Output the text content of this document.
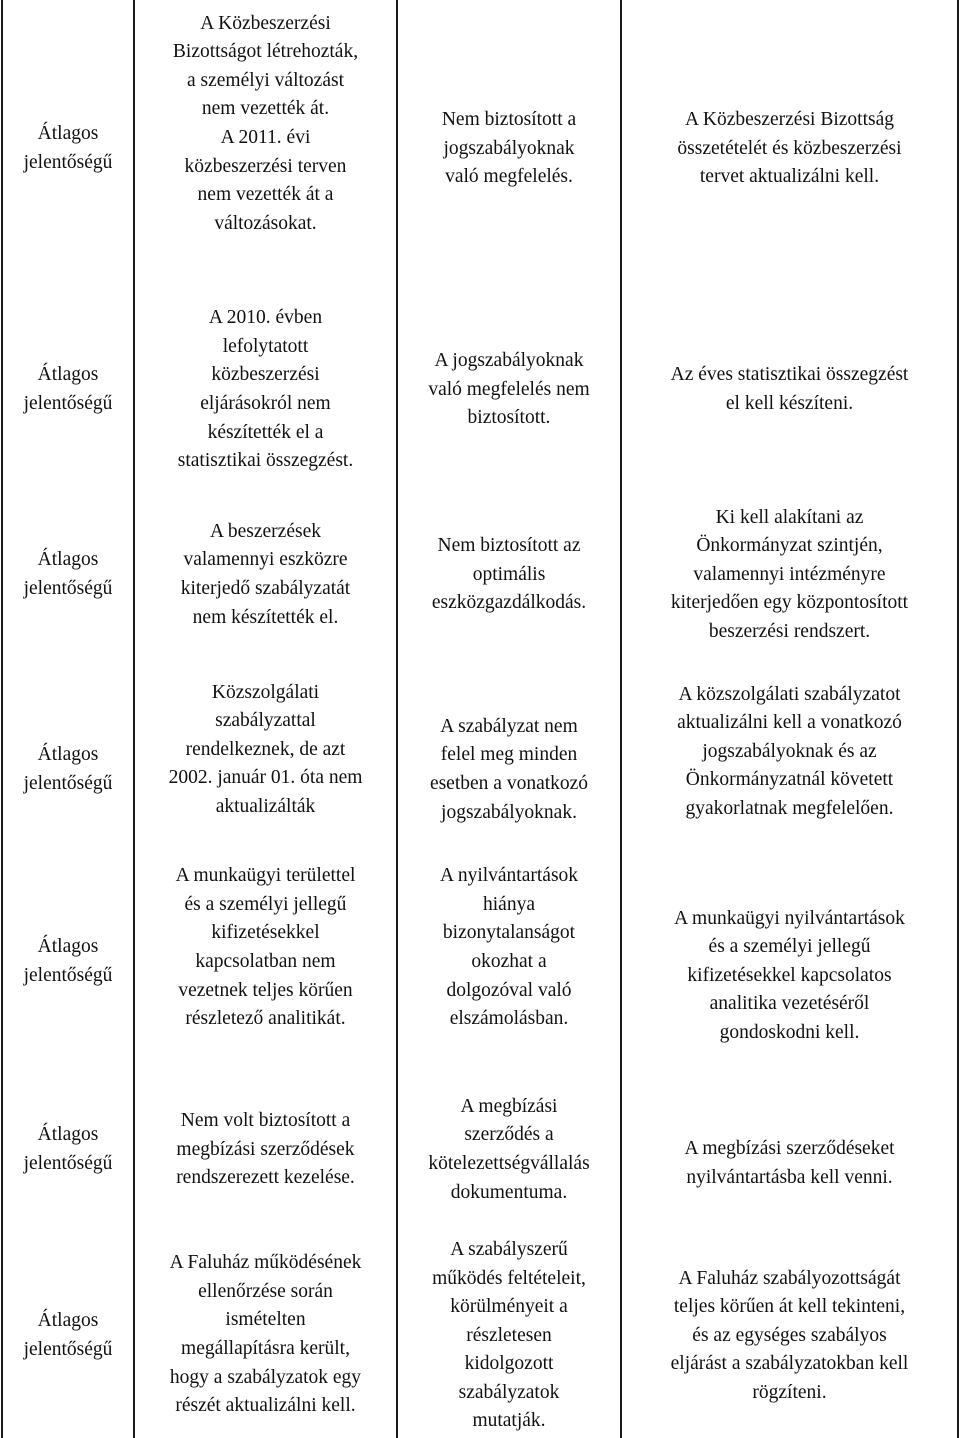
Átlagos
jelentőségű
A Közbeszerzési
Bizottságot létrehozták,
a személyi változást
nem vezették át.
A 2011. évi
közbeszerzési terven
nem vezették át a
változásokat.
Nem biztosított a
jogszabályoknak
való megfelelés.
A Közbeszerzési Bizottság
összetételét és közbeszerzési
tervet aktualizálni kell.
Átlagos
jelentőségű
A 2010. évben
lefolytatott
közbeszerzési
eljárásokról nem
készítették el a
statisztikai összegzést.
A jogszabályoknak
való megfelelés nem
biztosított.
Az éves statisztikai összegzést
el kell készíteni.
Átlagos
jelentőségű
A beszerzések
valamennyi eszközre
kiterjedő szabályzatát
nem készítették el.
Nem biztosított az
optimális
eszközgazdálkodás.
Ki kell alakítani az
Önkormányzat szintjén,
valamennyi intézményre
kiterjedően egy központosított
beszerzési rendszert.
Átlagos
jelentőségű
Közszolgálati
szabályzattal
rendelkeznek, de azt
2002. január 01. óta nem
aktualizálták
A szabályzat nem
felel meg minden
esetben a vonatkozó
jogszabályoknak.
A közszolgálati szabályzatot
aktualizálni kell a vonatkozó
jogszabályoknak és az
Önkormányzatnál követett
gyakorlatnak megfelelően.
Átlagos
jelentőségű
A munkaügyi területtel
és a személyi jellegű
kifizetésekkel
kapcsolatban nem
vezetnek teljes körűen
részletező analitikát.
A nyilvántartások
hiánya
bizonytalanságot
okozhat a
dolgozóval való
elszámolásban.
A munkaügyi nyilvántartások
és a személyi jellegű
kifizetésekkel kapcsolatos
analitika vezetéséről
gondoskodni kell.
Átlagos
jelentőségű
Nem volt biztosított a
megbízási szerződések
rendszerezett kezelése.
A megbízási
szerződés a
kötelezettségvállalás
dokumentuma.
A megbízási szerződéseket
nyilvántartásba kell venni.
Átlagos
jelentőségű
A Faluház működésének
ellenőrzése során
ismételten
megállapításra került,
hogy a szabályzatok egy
részét aktualizálni kell.
A szabályszerű
működés feltételeit,
körülményeit a
részletesen
kidolgozott
szabályzatok
mutatják.
A Faluház szabályozottságát
teljes körűen át kell tekinteni,
és az egységes szabályos
eljárást a szabályzatokban kell
rögzíteni.
